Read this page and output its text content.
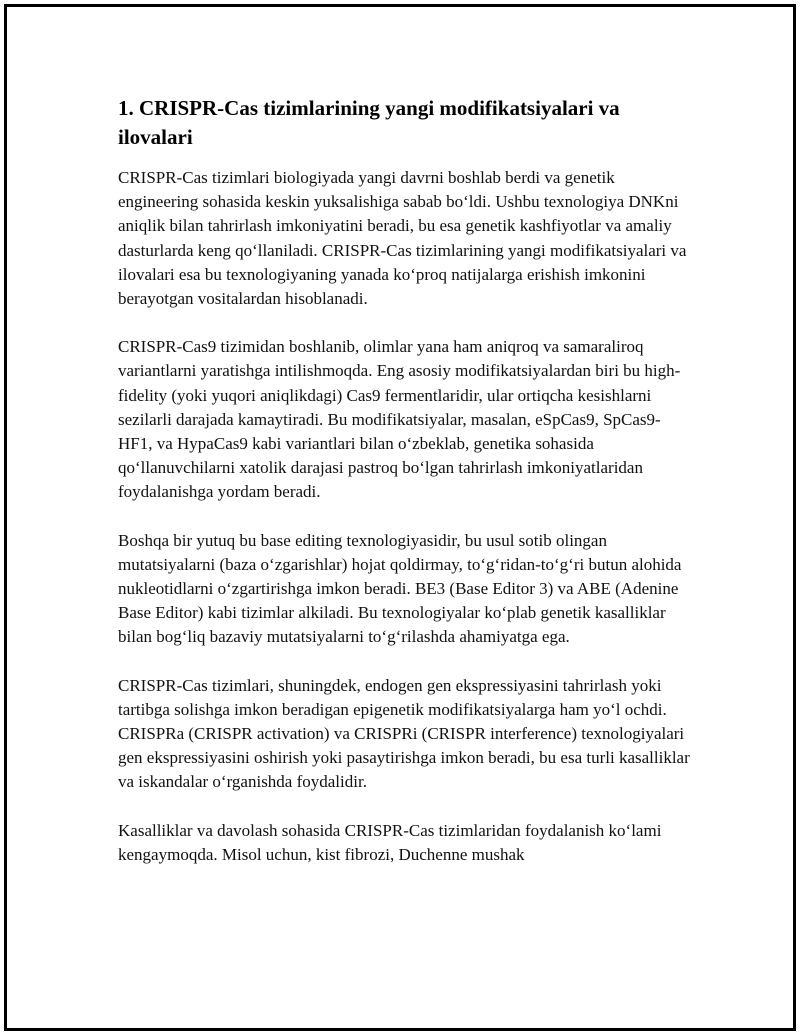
1. CRISPR-Cas tizimlarining yangi modifikatsiyalari va ilovalari

CRISPR-Cas tizimlari biologiyada yangi davrni boshlab berdi va genetik engineering sohasida keskin yuksalishiga sabab bo‘ldi. Ushbu texnologiya DNKni aniqlik bilan tahrirlash imkoniyatini beradi, bu esa genetik kashfiyotlar va amaliy dasturlarda keng qo‘llaniladi. CRISPR-Cas tizimlarining yangi modifikatsiyalari va ilovalari esa bu texnologiyaning yanada ko‘proq natijalarga erishish imkonini berayotgan vositalardan hisoblanadi.

CRISPR-Cas9 tizimidan boshlanib, olimlar yana ham aniqroq va samaraliroq variantlarni yaratishga intilishmoqda. Eng asosiy modifikatsiyalardan biri bu high-fidelity (yoki yuqori aniqlikdagi) Cas9 fermentlaridir, ular ortiqcha kesishlarni sezilarli darajada kamaytiradi. Bu modifikatsiyalar, masalan, eSpCas9, SpCas9-HF1, va HypaCas9 kabi variantlari bilan o‘zbeklab, genetika sohasida qo‘llanuvchilarni xatolik darajasi pastroq bo‘lgan tahrirlash imkoniyatlaridan foydalanishga yordam beradi.

Boshqa bir yutuq bu base editing texnologiyasidir, bu usul sotib olingan mutatsiyalarni (baza o‘zgarishlar) hojat qoldirmay, to‘g‘ridan-to‘g‘ri butun alohida nukleotidlarni o‘zgartirishga imkon beradi. BE3 (Base Editor 3) va ABE (Adenine Base Editor) kabi tizimlar alkiladi. Bu texnologiyalar ko‘plab genetik kasalliklar bilan bog‘liq bazaviy mutatsiyalarni to‘g‘rilashda ahamiyatga ega.

CRISPR-Cas tizimlari, shuningdek, endogen gen ekspressiyasini tahrirlash yoki tartibga solishga imkon beradigan epigenetik modifikatsiyalarga ham yo‘l ochdi. CRISPRa (CRISPR activation) va CRISPRi (CRISPR interference) texnologiyalari gen ekspressiyasini oshirish yoki pasaytirishga imkon beradi, bu esa turli kasalliklar va iskandalar o‘rganishda foydalidir.

Kasalliklar va davolash sohasida CRISPR-Cas tizimlaridan foydalanish ko‘lami kengaymoqda. Misol uchun, kist fibrozi, Duchenne mushak
